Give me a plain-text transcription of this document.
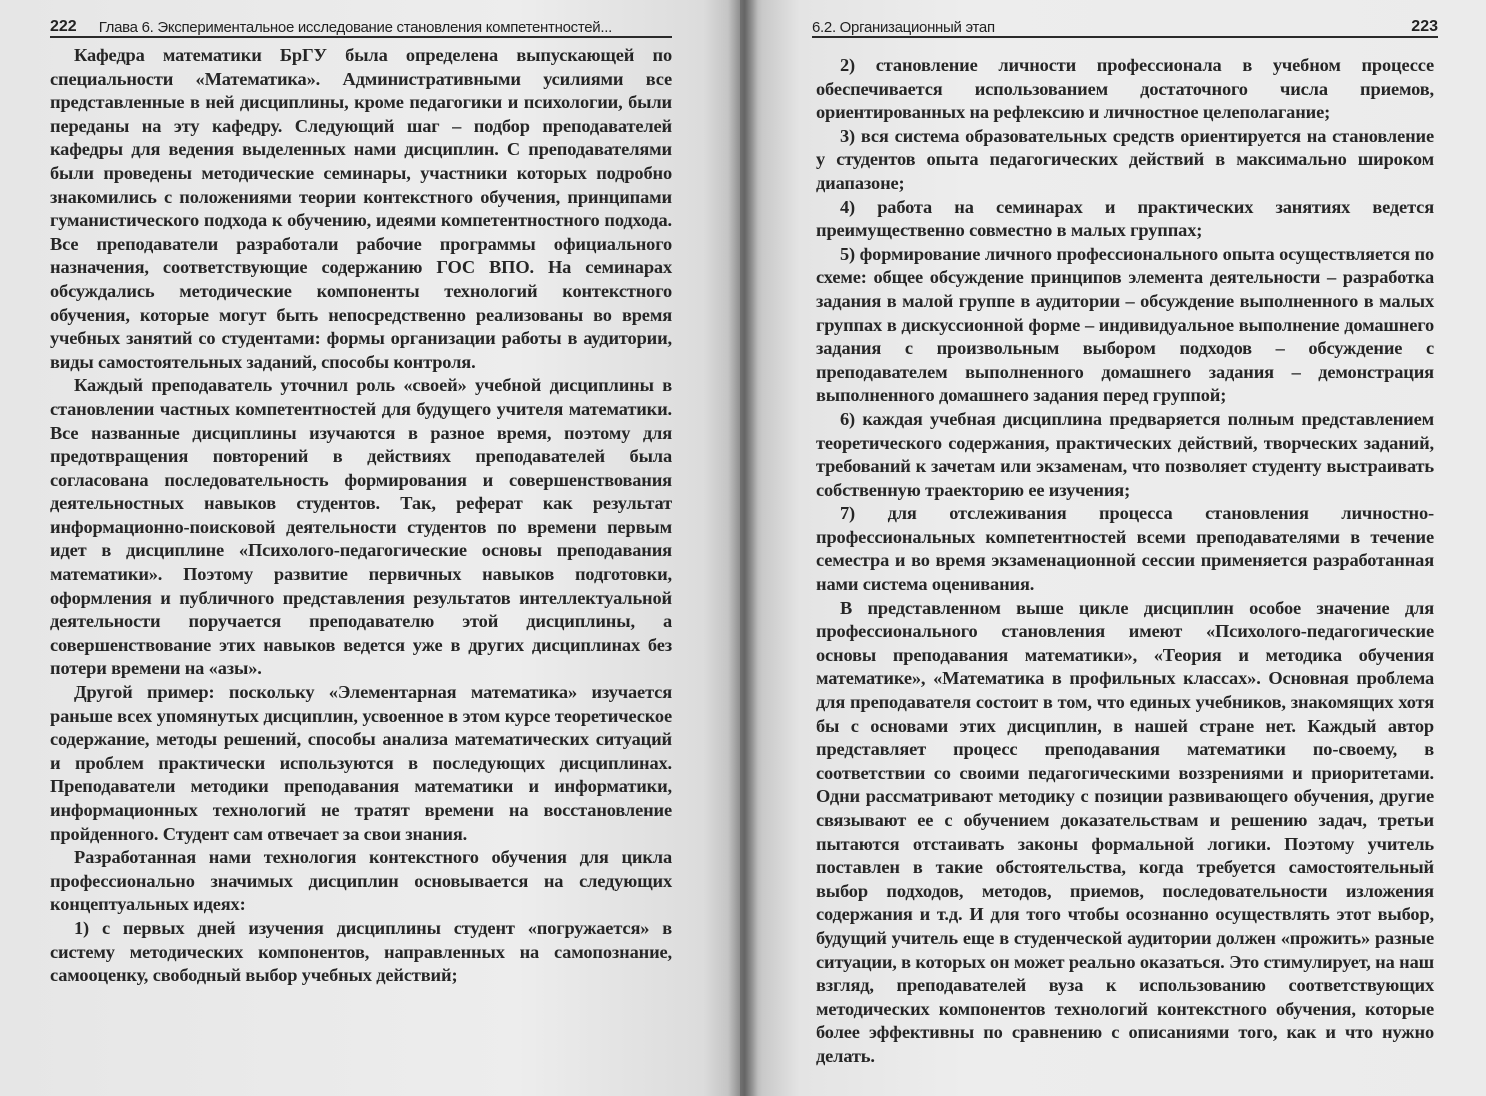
222 Глава 6. Экспериментальное исследование становления компетентностей...

Кафедра математики БрГУ была определена выпускающей по специальности «Математика». Административными усилиями все представленные в ней дисциплины, кроме педагогики и психологии, были переданы на эту кафедру. Следующий шаг – подбор преподавателей кафедры для ведения выделенных нами дисциплин. С преподавателями были проведены методические семинары, участники которых подробно знакомились с положениями теории контекстного обучения, принципами гуманистического подхода к обучению, идеями компетентностного подхода. Все преподаватели разработали рабочие программы официального назначения, соответствующие содержанию ГОС ВПО. На семинарах обсуждались методические компоненты технологий контекстного обучения, которые могут быть непосредственно реализованы во время учебных занятий со студентами: формы организации работы в аудитории, виды самостоятельных заданий, способы контроля.

Каждый преподаватель уточнил роль «своей» учебной дисциплины в становлении частных компетентностей для будущего учителя математики. Все названные дисциплины изучаются в разное время, поэтому для предотвращения повторений в действиях преподавателей была согласована последовательность формирования и совершенствования деятельностных навыков студентов. Так, реферат как результат информационно-поисковой деятельности студентов по времени первым идет в дисциплине «Психолого-педагогические основы преподавания математики». Поэтому развитие первичных навыков подготовки, оформления и публичного представления результатов интеллектуальной деятельности поручается преподавателю этой дисциплины, а совершенствование этих навыков ведется уже в других дисциплинах без потери времени на «азы».

Другой пример: поскольку «Элементарная математика» изучается раньше всех упомянутых дисциплин, усвоенное в этом курсе теоретическое содержание, методы решений, способы анализа математических ситуаций и проблем практически используются в последующих дисциплинах. Преподаватели методики преподавания математики и информатики, информационных технологий не тратят времени на восстановление пройденного. Студент сам отвечает за свои знания.

Разработанная нами технология контекстного обучения для цикла профессионально значимых дисциплин основывается на следующих концептуальных идеях:

1) с первых дней изучения дисциплины студент «погружается» в систему методических компонентов, направленных на самопознание, самооценку, свободный выбор учебных действий;

6.2. Организационный этап	223

2) становление личности профессионала в учебном процессе обеспечивается использованием достаточного числа приемов, ориентированных на рефлексию и личностное целеполагание;

3) вся система образовательных средств ориентируется на становление у студентов опыта педагогических действий в максимально широком диапазоне;

4) работа на семинарах и практических занятиях ведется преимущественно совместно в малых группах;

5) формирование личного профессионального опыта осуществляется по схеме: общее обсуждение принципов элемента деятельности – разработка задания в малой группе в аудитории – обсуждение выполненного в малых группах в дискуссионной форме – индивидуальное выполнение домашнего задания с произвольным выбором подходов – обсуждение с преподавателем выполненного домашнего задания – демонстрация выполненного домашнего задания перед группой;

6) каждая учебная дисциплина предваряется полным представлением теоретического содержания, практических действий, творческих заданий, требований к зачетам или экзаменам, что позволяет студенту выстраивать собственную траекторию ее изучения;

7) для отслеживания процесса становления личностно-профессиональных компетентностей всеми преподавателями в течение семестра и во время экзаменационной сессии применяется разработанная нами система оценивания.

В представленном выше цикле дисциплин особое значение для профессионального становления имеют «Психолого-педагогические основы преподавания математики», «Теория и методика обучения математике», «Математика в профильных классах». Основная проблема для преподавателя состоит в том, что единых учебников, знакомящих хотя бы с основами этих дисциплин, в нашей стране нет. Каждый автор представляет процесс преподавания математики по-своему, в соответствии со своими педагогическими воззрениями и приоритетами. Одни рассматривают методику с позиции развивающего обучения, другие связывают ее с обучением доказательствам и решению задач, третьи пытаются отстаивать законы формальной логики. Поэтому учитель поставлен в такие обстоятельства, когда требуется самостоятельный выбор подходов, методов, приемов, последовательности изложения содержания и т.д. И для того чтобы осознанно осуществлять этот выбор, будущий учитель еще в студенческой аудитории должен «прожить» разные ситуации, в которых он может реально оказаться. Это стимулирует, на наш взгляд, преподавателей вуза к использованию соответствующих методических компонентов технологий контекстного обучения, которые более эффективны по сравнению с описаниями того, как и что нужно делать.
